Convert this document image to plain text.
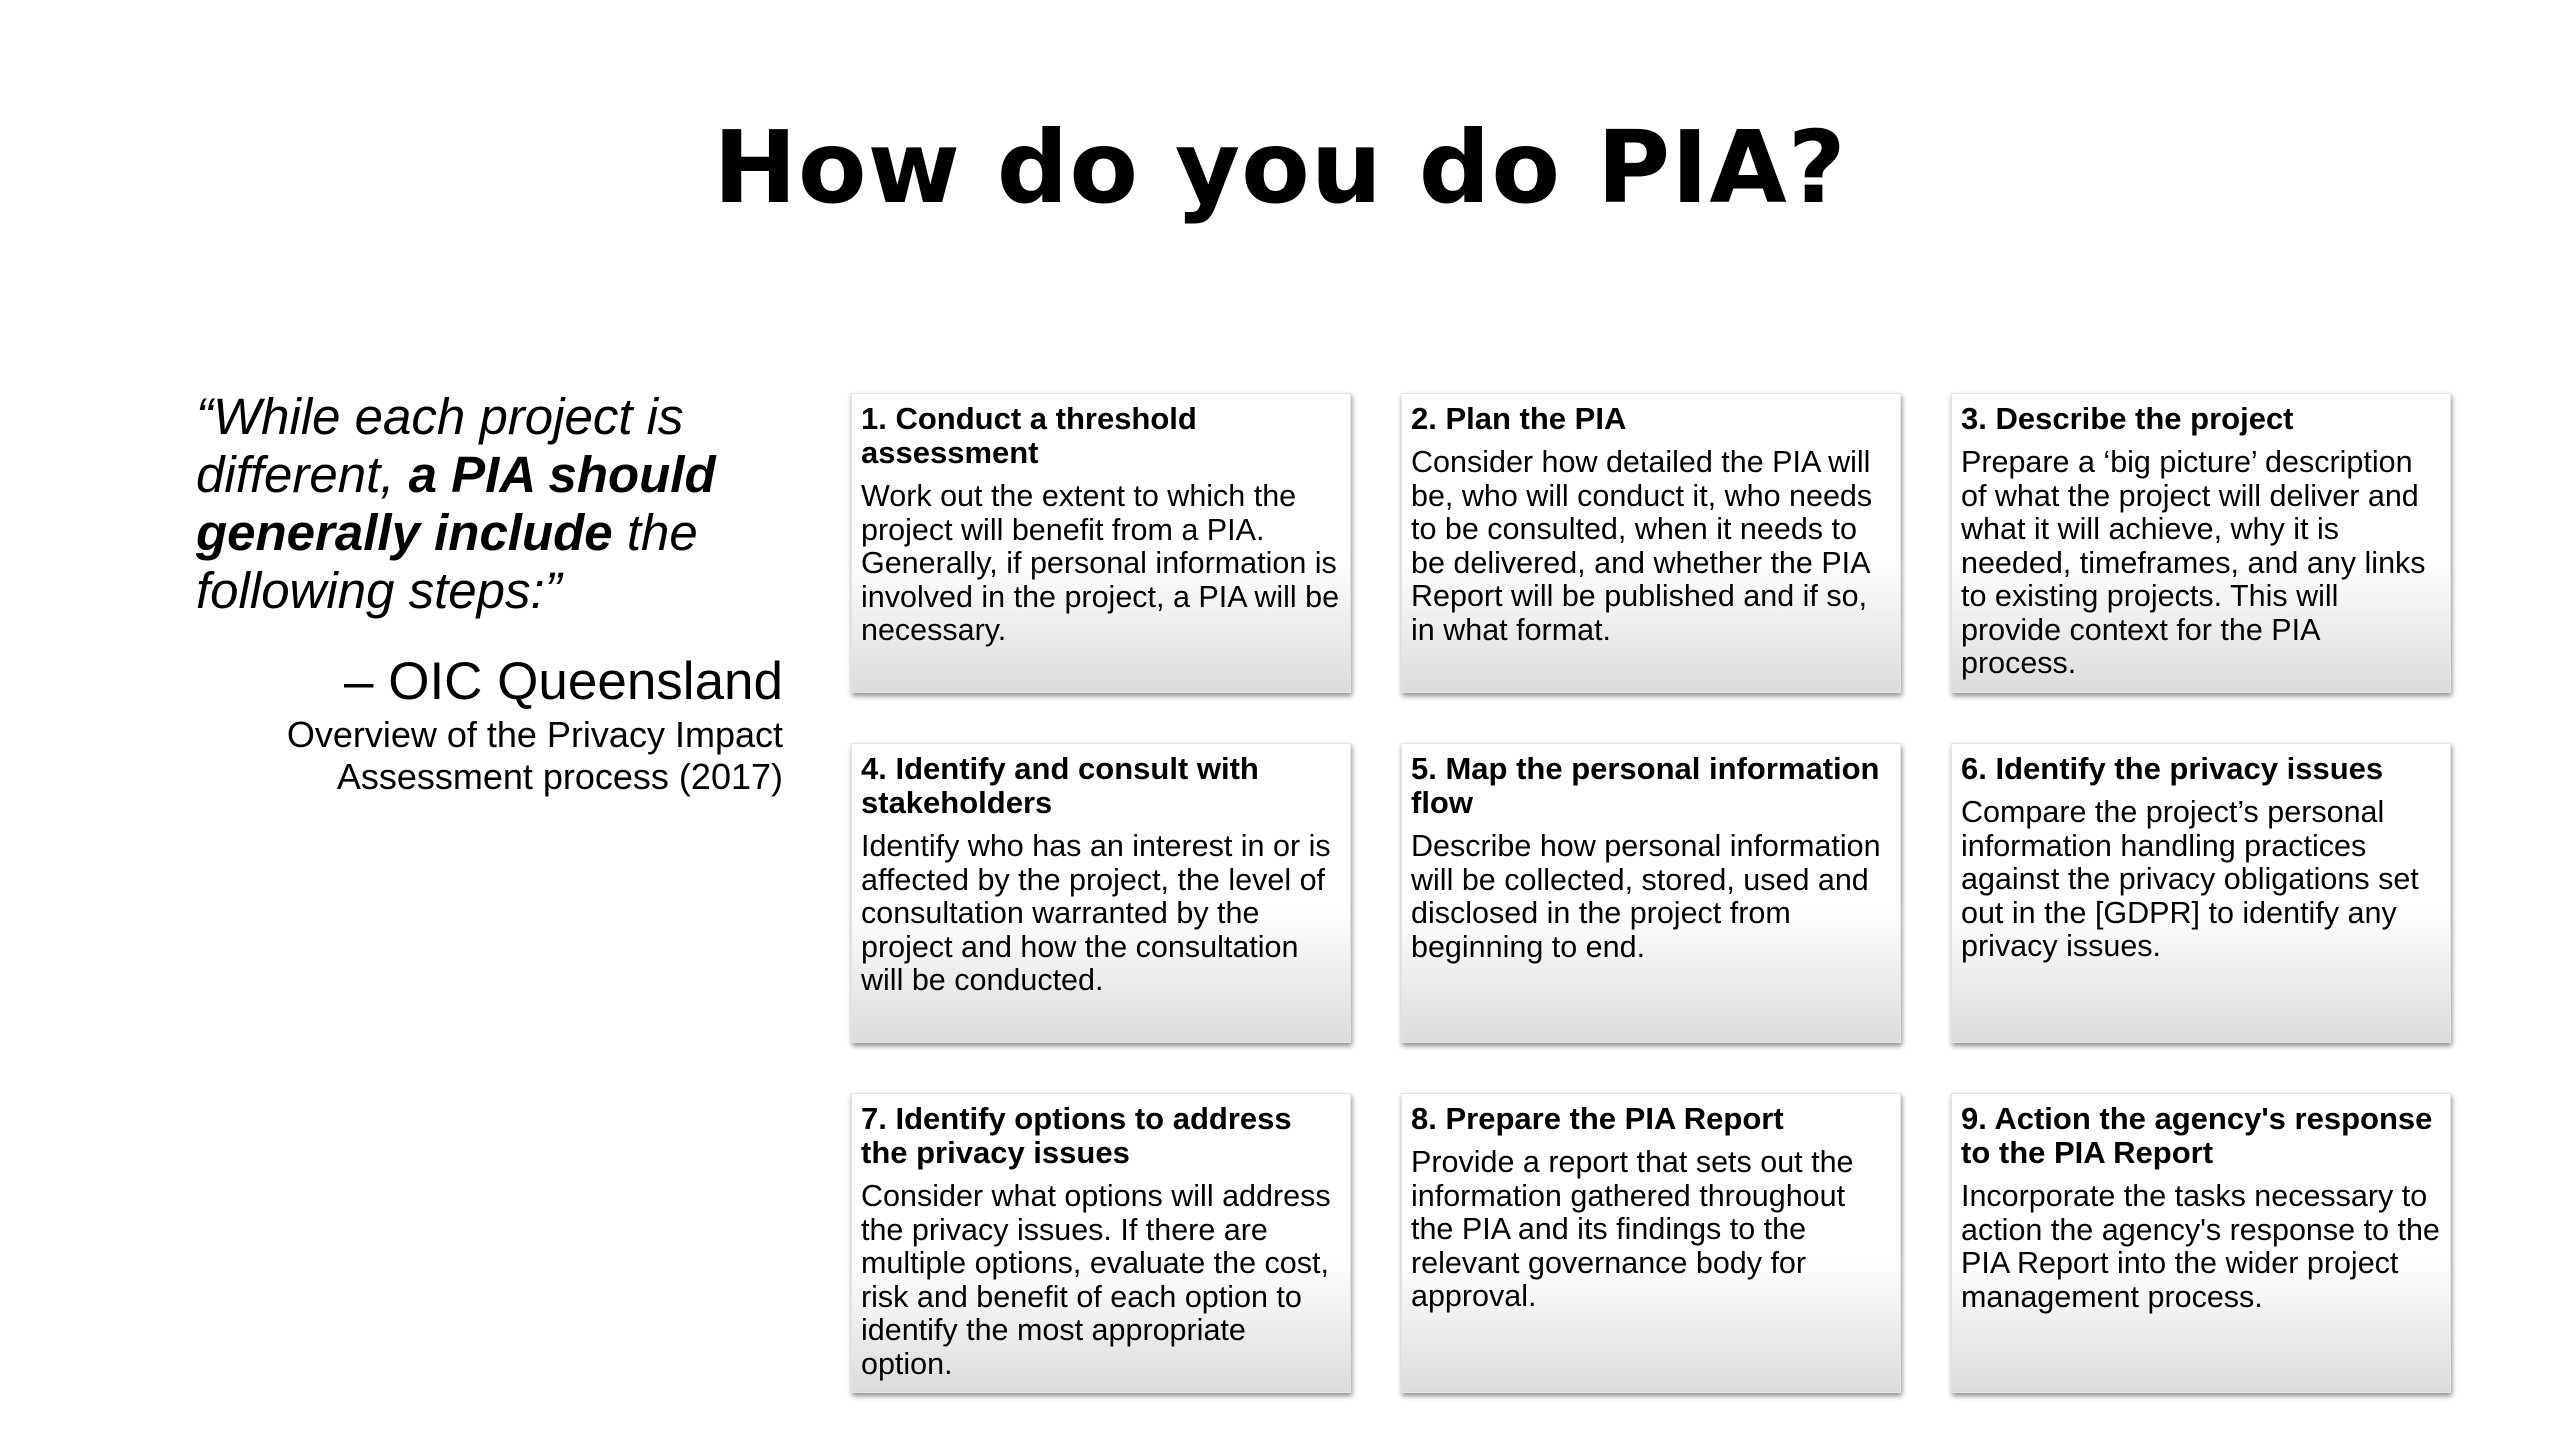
How do you do PIA?

“While each project is different, a PIA should generally include the following steps:”

– OIC Queensland
Overview of the Privacy Impact
Assessment process (2017)

1. Conduct a threshold assessment

Work out the extent to which the project will benefit from a PIA. Generally, if personal information is involved in the project, a PIA will be necessary.

2. Plan the PIA

Consider how detailed the PIA will be, who will conduct it, who needs to be consulted, when it needs to be delivered, and whether the PIA Report will be published and if so, in what format.

3. Describe the project

Prepare a ‘big picture’ description of what the project will deliver and what it will achieve, why it is needed, timeframes, and any links to existing projects. This will provide context for the PIA process.

4. Identify and consult with stakeholders

Identify who has an interest in or is affected by the project, the level of consultation warranted by the project and how the consultation will be conducted.

5. Map the personal information flow

Describe how personal information will be collected, stored, used and disclosed in the project from beginning to end.

6. Identify the privacy issues

Compare the project’s personal information handling practices against the privacy obligations set out in the [GDPR] to identify any privacy issues.

7. Identify options to address the privacy issues

Consider what options will address the privacy issues. If there are multiple options, evaluate the cost, risk and benefit of each option to identify the most appropriate option.

8. Prepare the PIA Report

Provide a report that sets out the information gathered throughout the PIA and its findings to the relevant governance body for approval.

9. Action the agency's response to the PIA Report

Incorporate the tasks necessary to action the agency's response to the PIA Report into the wider project management process.
